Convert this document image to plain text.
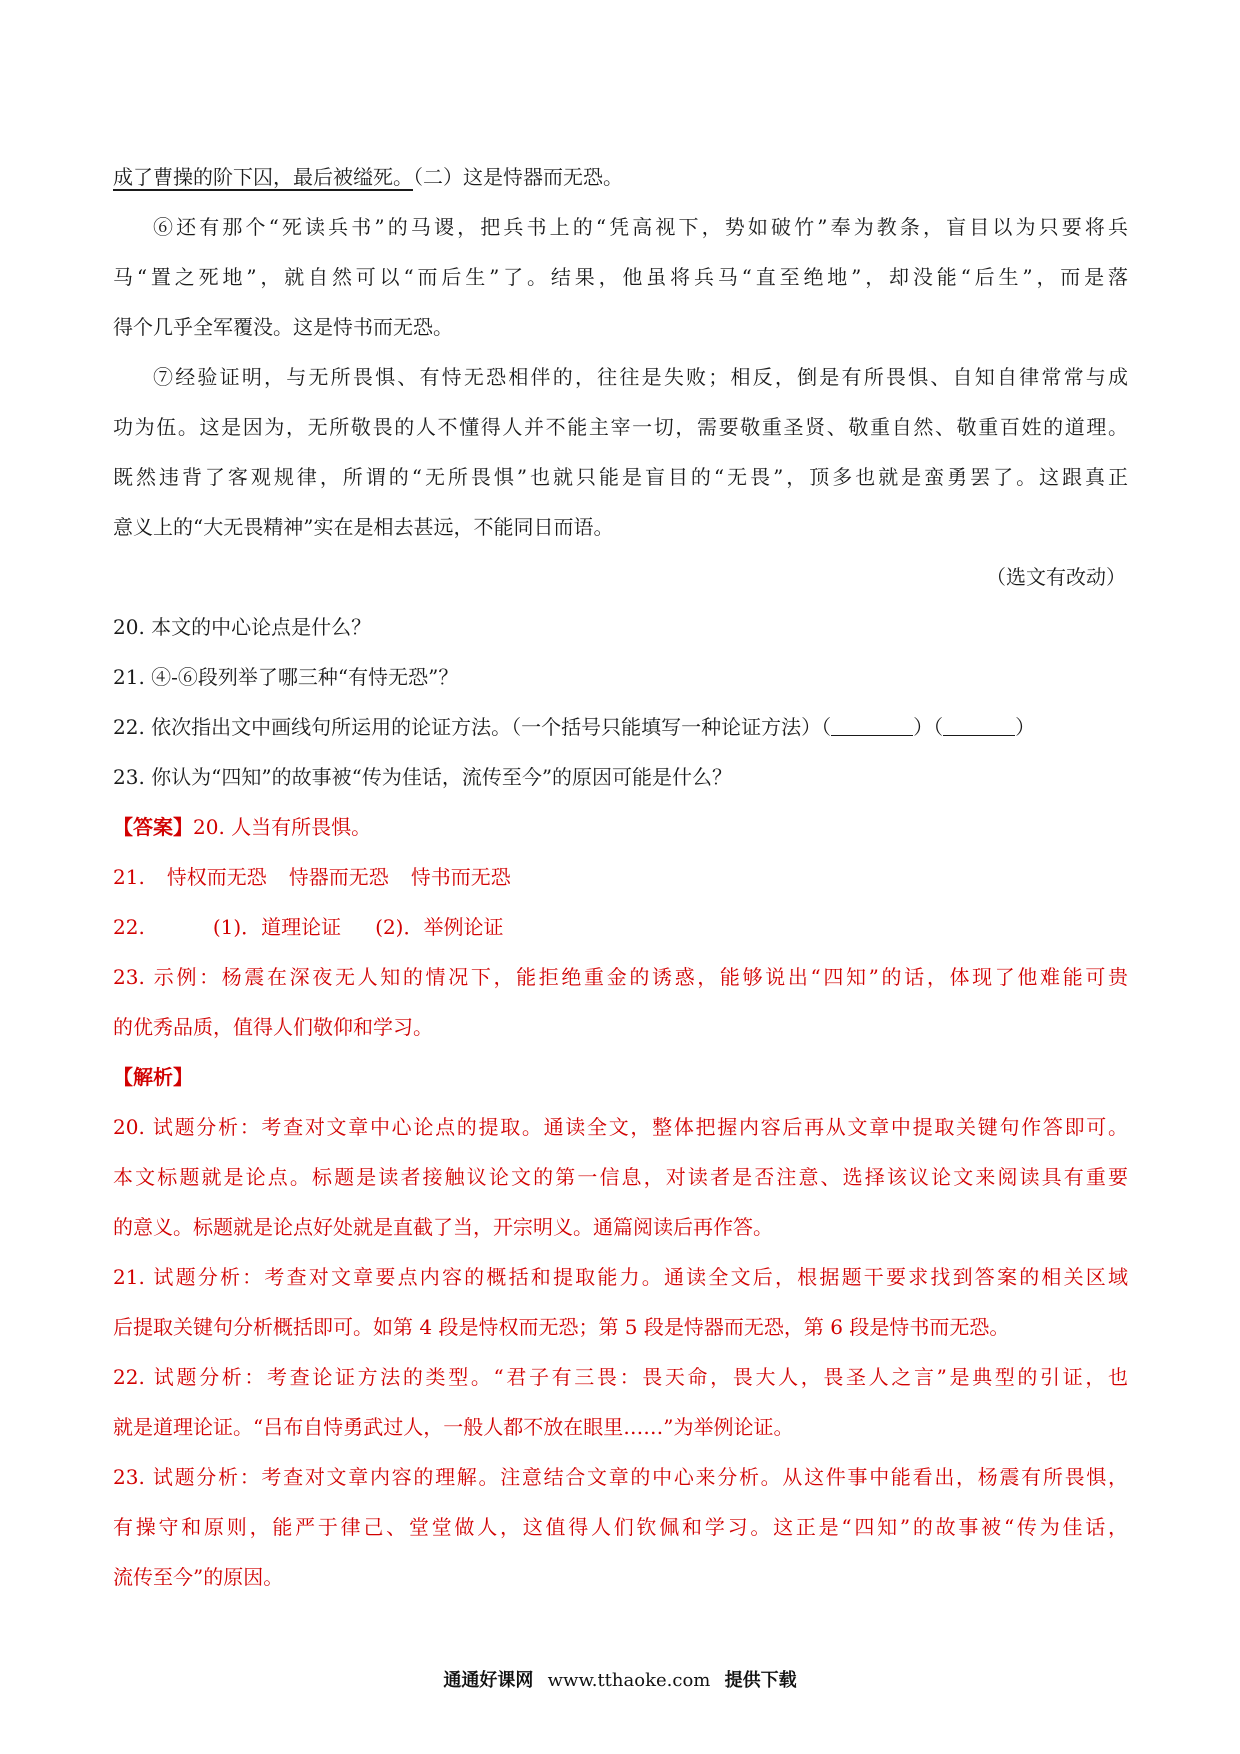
成了曹操的阶下囚，最后被缢死。（二）这是恃器而无恐。

⑥还有那个“死读兵书”的马谡，把兵书上的“凭高视下，势如破竹”奉为教条，盲目以为只要将兵

马“置之死地”，就自然可以“而后生”了。结果，他虽将兵马“直至绝地”，却没能“后生”，而是落

得个几乎全军覆没。这是恃书而无恐。

⑦经验证明，与无所畏惧、有恃无恐相伴的，往往是失败；相反，倒是有所畏惧、自知自律常常与成

功为伍。这是因为，无所敬畏的人不懂得人并不能主宰一切，需要敬重圣贤、敬重自然、敬重百姓的道理。

既然违背了客观规律，所谓的“无所畏惧”也就只能是盲目的“无畏”，顶多也就是蛮勇罢了。这跟真正

意义上的“大无畏精神”实在是相去甚远，不能同日而语。

（选文有改动）

20. 本文的中心论点是什么？

21. ④-⑥段列举了哪三种“有恃无恐”？

22. 依次指出文中画线句所运用的论证方法。（一个括号只能填写一种论证方法）（	）（	）

23. 你认为“四知”的故事被“传为佳话，流传至今”的原因可能是什么？

【答案】20. 人当有所畏惧。

21. 恃权而无恐 恃器而无恐 恃书而无恐

22.	(1)．道理论证 (2)．举例论证

23. 示例：杨震在深夜无人知的情况下，能拒绝重金的诱惑，能够说出“四知”的话，体现了他难能可贵

的优秀品质，值得人们敬仰和学习。

【解析】

20. 试题分析：考查对文章中心论点的提取。通读全文，整体把握内容后再从文章中提取关键句作答即可。

本文标题就是论点。标题是读者接触议论文的第一信息，对读者是否注意、选择该议论文来阅读具有重要

的意义。标题就是论点好处就是直截了当，开宗明义。通篇阅读后再作答。

21. 试题分析：考查对文章要点内容的概括和提取能力。通读全文后，根据题干要求找到答案的相关区域

后提取关键句分析概括即可。如第 4 段是恃权而无恐；第 5 段是恃器而无恐，第 6 段是恃书而无恐。

22. 试题分析：考查论证方法的类型。“君子有三畏：畏天命，畏大人，畏圣人之言”是典型的引证，也

就是道理论证。“吕布自恃勇武过人，一般人都不放在眼里……”为举例论证。

23. 试题分析：考查对文章内容的理解。注意结合文章的中心来分析。从这件事中能看出，杨震有所畏惧，

有操守和原则，能严于律己、堂堂做人，这值得人们钦佩和学习。这正是“四知”的故事被“传为佳话，

流传至今”的原因。

通通好课网 www.tthaoke.com 提供下载
